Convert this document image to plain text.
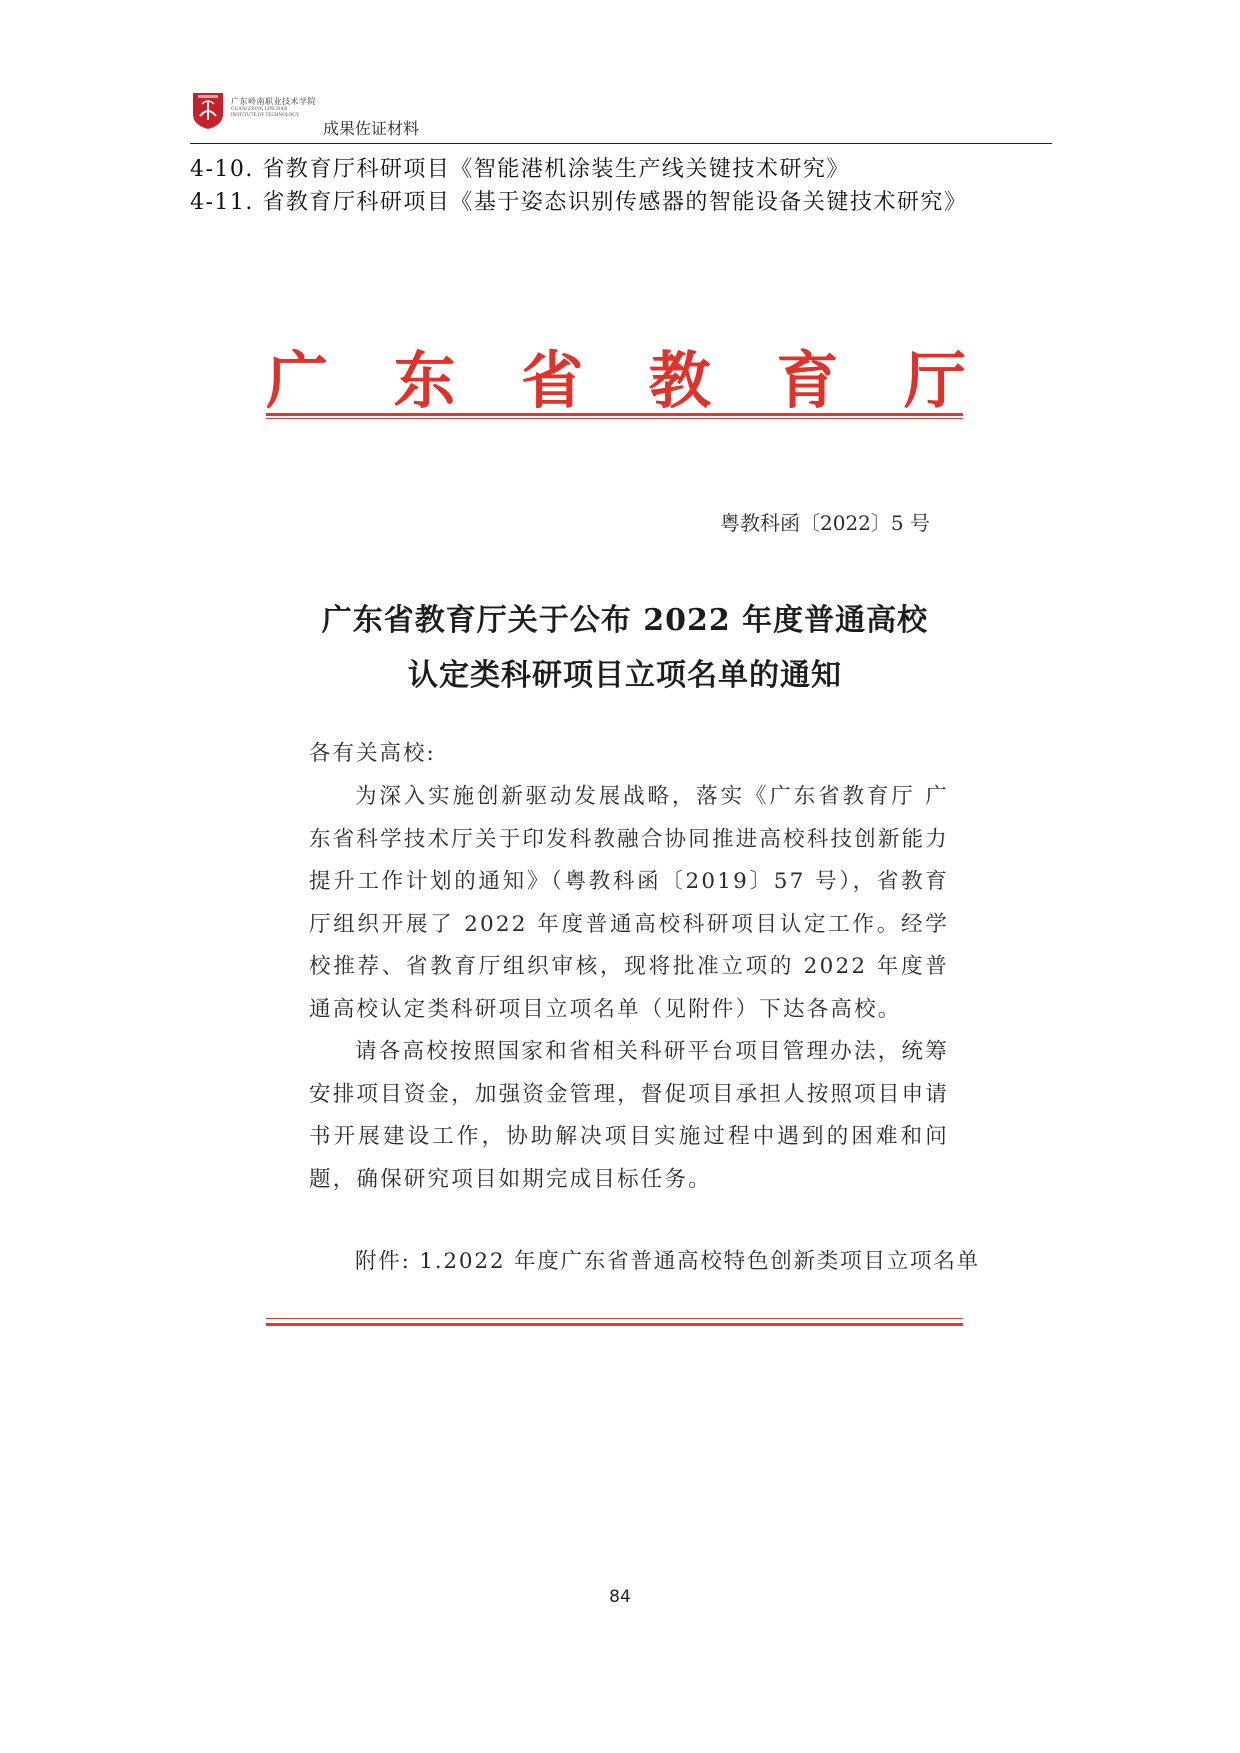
广东岭南职业技术学院
GUANGDONG LINGNAN INSTITUTE OF TECHNOLOGY
成果佐证材料
4-10. 省教育厅科研项目《智能港机涂装生产线关键技术研究》
4-11. 省教育厅科研项目《基于姿态识别传感器的智能设备关键技术研究》
广 东 省 教 育 厅
粤教科函〔2022〕5 号
广东省教育厅关于公布 2022 年度普通高校
认定类科研项目立项名单的通知
各有关高校:
为深入实施创新驱动发展战略，落实《广东省教育厅 广东省科学技术厅关于印发科教融合协同推进高校科技创新能力提升工作计划的通知》（粤教科函〔2019〕57 号），省教育厅组织开展了 2022 年度普通高校科研项目认定工作。经学校推荐、省教育厅组织审核，现将批准立项的 2022 年度普通高校认定类科研项目立项名单（见附件）下达各高校。
请各高校按照国家和省相关科研平台项目管理办法，统筹安排项目资金，加强资金管理，督促项目承担人按照项目申请书开展建设工作，协助解决项目实施过程中遇到的困难和问题，确保研究项目如期完成目标任务。
附件: 1.2022 年度广东省普通高校特色创新类项目立项名单
84
